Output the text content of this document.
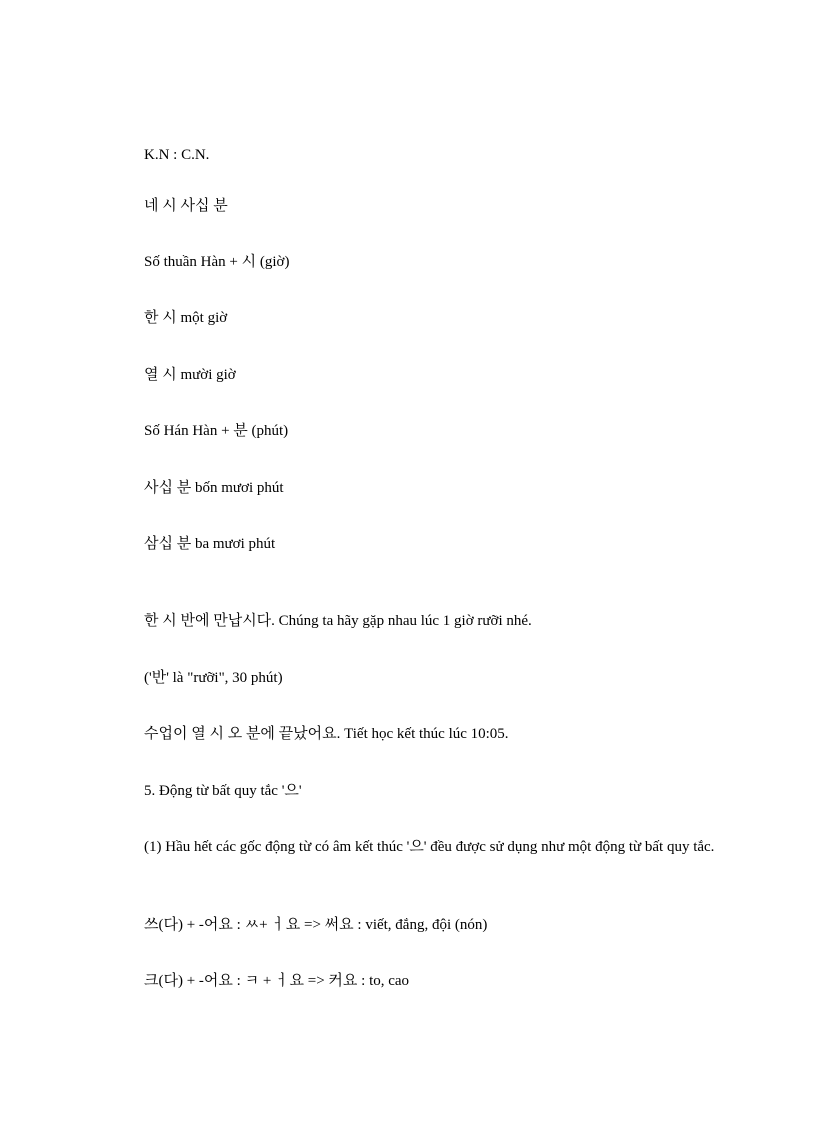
K.N : C.N.
네 시 사십 분
Số thuần Hàn + 시 (giờ)
한 시 một giờ
열 시 mười giờ
Số Hán Hàn + 분 (phút)
사십 분 bốn mươi phút
삼십 분 ba mươi phút
한 시 반에 만납시다. Chúng ta hãy gặp nhau lúc 1 giờ rưỡi nhé.
('반' là "rưỡi", 30 phút)
수업이 열 시 오 분에 끝났어요. Tiết học kết thúc lúc 10:05.
5. Động từ bất quy tắc '으'
(1) Hầu hết các gốc động từ có âm kết thúc '으' đều được sử dụng như một động từ bất quy tắc.
쓰(다) + -어요 : ㅆ+ ㅓ요 => 써요 : viết, đắng, đội (nón)
크(다) + -어요 : ㅋ + ㅓ요 => 커요 : to, cao
